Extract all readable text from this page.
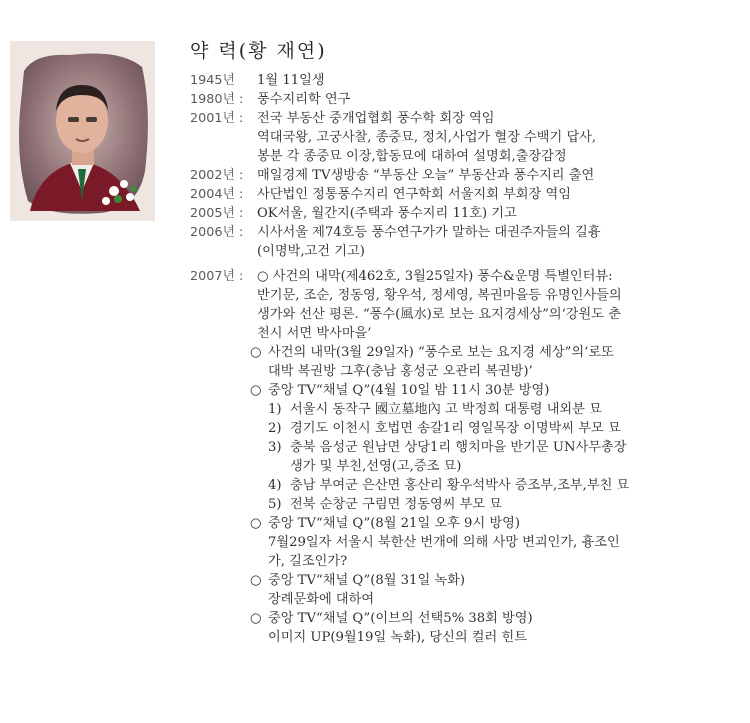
약 력(황 재연)
1945년	1월 11일생
1980년 :	풍수지리학 연구
2001년 :	전국 부동산 중개업협회 풍수학 회장 역임
역대국왕, 고궁사찰, 종중묘, 정치,사업가 혈장 수백기 답사,
봉분 각 종중묘 이장,합동묘에 대하여 설명회,출장감정
2002년 :	매일경제 TV생방송 “부동산 오늘” 부동산과 풍수지리 출연
2004년 :	사단법인 정통풍수지리 연구학회 서울지회 부회장 역임
2005년 :	OK서울, 월간지(주택과 풍수지리 11호) 기고
2006년 :	시사서울 제74호등 풍수연구가가 말하는 대권주자들의 길흉
(이명박,고건 기고)
2007년 :	○ 사건의 내막(제462호, 3월25일자) 풍수&운명 특별인터뷰:
반기문, 조순, 정동영, 황우석, 정세영, 복권마을등 유명인사들의
생가와 선산 평론. “풍수(風水)로 보는 요지경세상”의‘강원도 춘
천시 서면 박사마을’
○ 사건의 내막(3월 29일자) “풍수로 보는 요지경 세상”의‘로또
대박 복권방 그후(충남 홍성군 오관리 복권방)’
○ 중앙 TV“채널 Q”(4월 10일 밤 11시 30분 방영)
1) 서울시 동작구 國立墓地內 고 박정희 대통령 내외분 묘
2) 경기도 이천시 호법면 송갈1리 영일목장 이명박씨 부모 묘
3) 충북 음성군 원남면 상당1리 행치마을 반기문 UN사무총장
생가 및 부친,선영(고,증조 묘)
4) 충남 부여군 은산면 홍산리 황우석박사 증조부,조부,부친 묘
5) 전북 순창군 구림면 정동영씨 부모 묘
○ 중앙 TV“채널 Q”(8월 21일 오후 9시 방영)
7월29일자 서울시 북한산 번개에 의해 사망 변괴인가, 흉조인
가, 길조인가?
○ 중앙 TV“채널 Q”(8월 31일 녹화)
장례문화에 대하여
○ 중앙 TV“채널 Q”(이브의 선택5% 38회 방영)
이미지 UP(9월19일 녹화), 당신의 컬러 힌트
